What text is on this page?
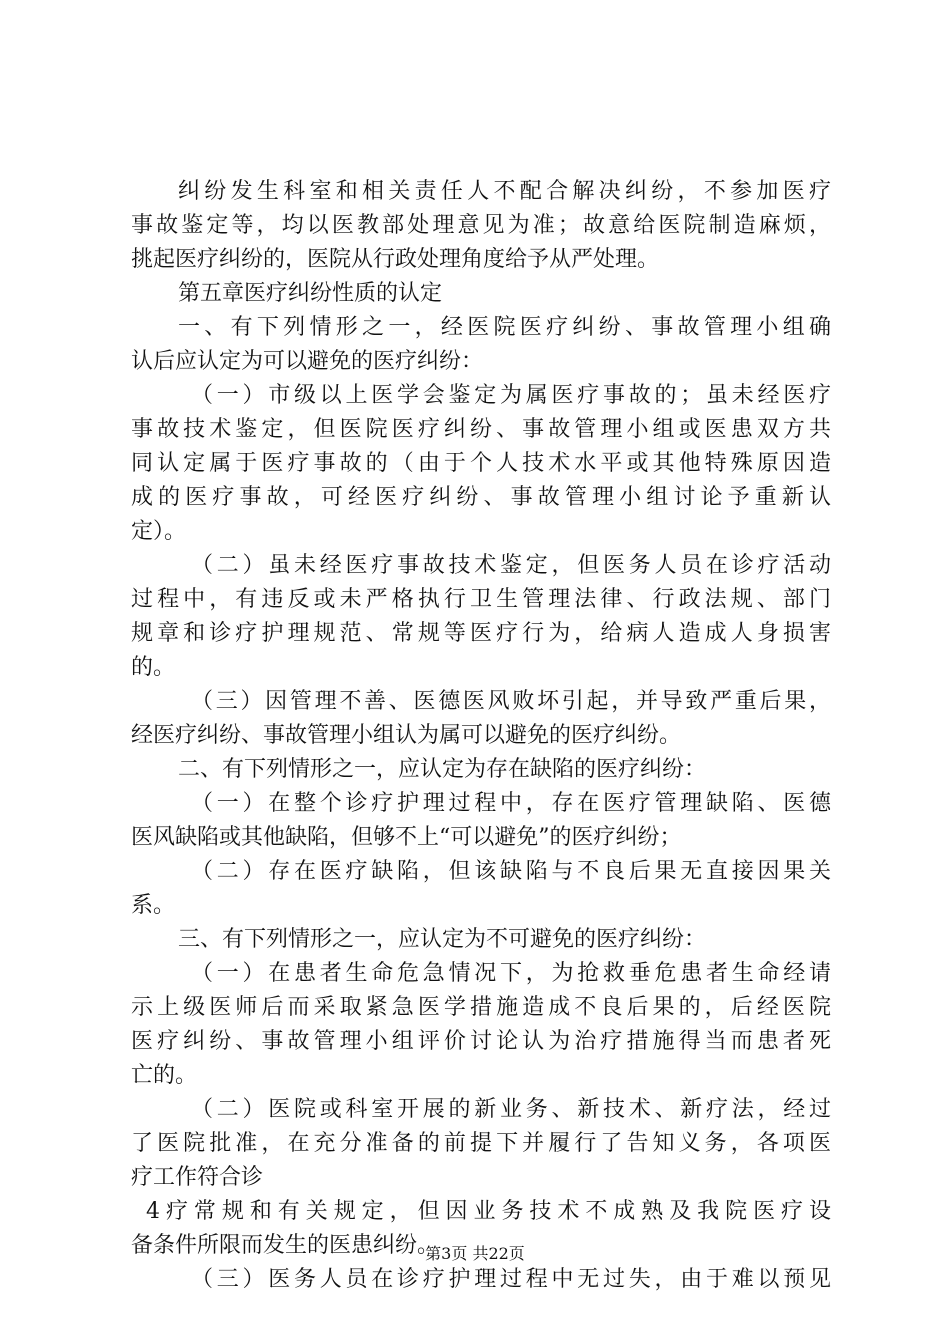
纠纷发生科室和相关责任人不配合解决纠纷，不参加医疗
事故鉴定等，均以医教部处理意见为准；故意给医院制造麻烦，
挑起医疗纠纷的，医院从行政处理角度给予从严处理。
第五章医疗纠纷性质的认定
一、有下列情形之一，经医院医疗纠纷、事故管理小组确
认后应认定为可以避免的医疗纠纷：
（一）市级以上医学会鉴定为属医疗事故的；虽未经医疗
事故技术鉴定，但医院医疗纠纷、事故管理小组或医患双方共
同认定属于医疗事故的（由于个人技术水平或其他特殊原因造
成的医疗事故，可经医疗纠纷、事故管理小组讨论予重新认
定）。
（二）虽未经医疗事故技术鉴定，但医务人员在诊疗活动
过程中，有违反或未严格执行卫生管理法律、行政法规、部门
规章和诊疗护理规范、常规等医疗行为，给病人造成人身损害
的。
（三）因管理不善、医德医风败坏引起，并导致严重后果，
经医疗纠纷、事故管理小组认为属可以避免的医疗纠纷。
二、有下列情形之一，应认定为存在缺陷的医疗纠纷：
（一）在整个诊疗护理过程中，存在医疗管理缺陷、医德
医风缺陷或其他缺陷，但够不上“可以避免”的医疗纠纷；
（二）存在医疗缺陷，但该缺陷与不良后果无直接因果关
系。
三、有下列情形之一，应认定为不可避免的医疗纠纷：
（一）在患者生命危急情况下，为抢救垂危患者生命经请
示上级医师后而采取紧急医学措施造成不良后果的，后经医院
医疗纠纷、事故管理小组评价讨论认为治疗措施得当而患者死
亡的。
（二）医院或科室开展的新业务、新技术、新疗法，经过
了医院批准，在充分准备的前提下并履行了告知义务，各项医
疗工作符合诊
4疗常规和有关规定，但因业务技术不成熟及我院医疗设
备条件所限而发生的医患纠纷。
（三）医务人员在诊疗护理过程中无过失，由于难以预见
第3页 共22页
